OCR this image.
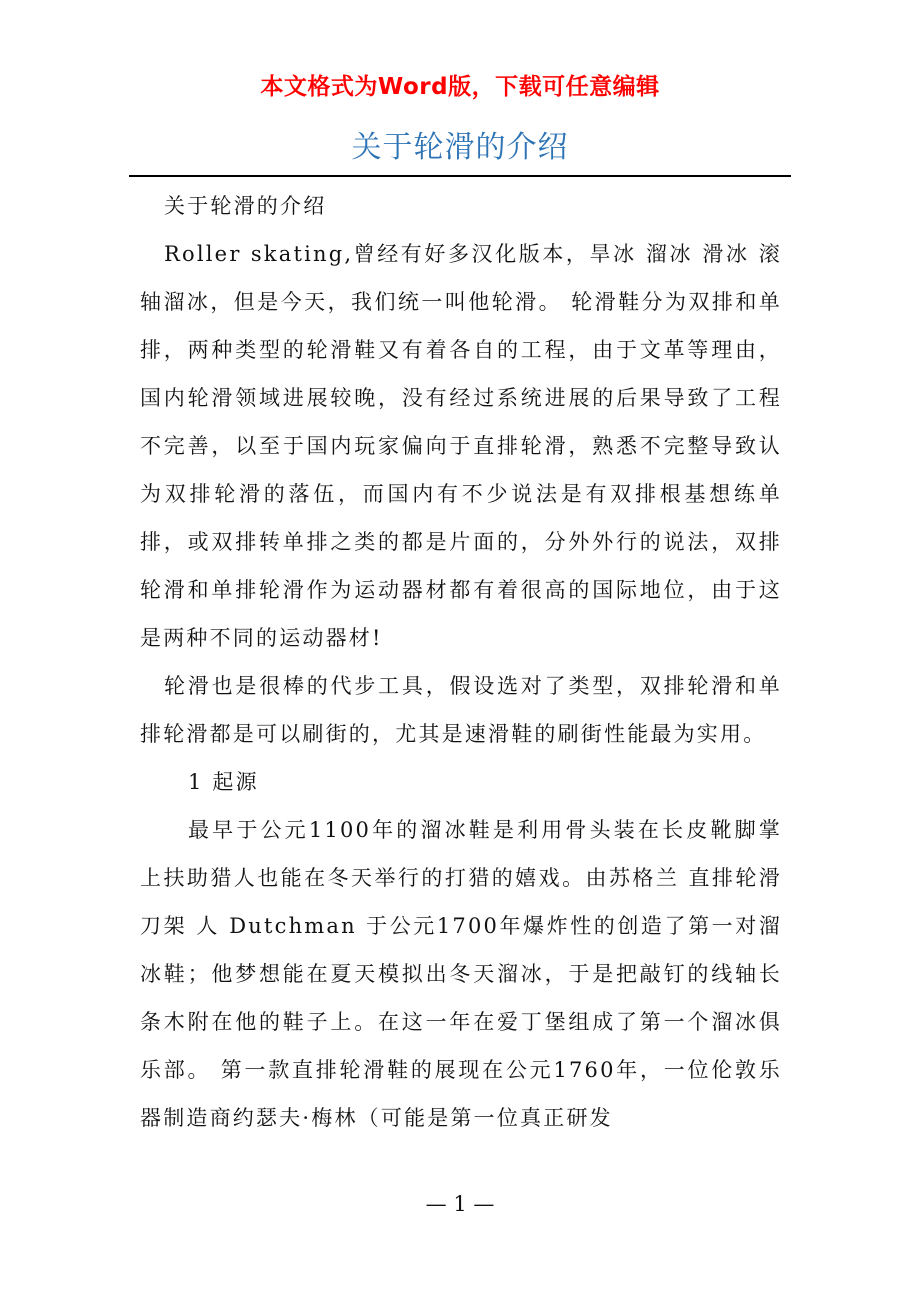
本文格式为Word版，下载可任意编辑
关于轮滑的介绍

关于轮滑的介绍

Roller skating,曾经有好多汉化版本，旱冰 溜冰 滑冰 滚轴溜冰，但是今天，我们统一叫他轮滑。 轮滑鞋分为双排和单排，两种类型的轮滑鞋又有着各自的工程，由于文革等理由，国内轮滑领域进展较晚，没有经过系统进展的后果导致了工程不完善，以至于国内玩家偏向于直排轮滑，熟悉不完整导致认为双排轮滑的落伍，而国内有不少说法是有双排根基想练单排，或双排转单排之类的都是片面的，分外外行的说法，双排轮滑和单排轮滑作为运动器材都有着很高的国际地位，由于这是两种不同的运动器材!

轮滑也是很棒的代步工具，假设选对了类型，双排轮滑和单排轮滑都是可以刷街的，尤其是速滑鞋的刷街性能最为实用。

1 起源

最早于公元1100年的溜冰鞋是利用骨头装在长皮靴脚掌上扶助猎人也能在冬天举行的打猎的嬉戏。由苏格兰 直排轮滑刀架 人 Dutchman 于公元1700年爆炸性的创造了第一对溜冰鞋；他梦想能在夏天模拟出冬天溜冰，于是把敲钉的线轴长条木附在他的鞋子上。在这一年在爱丁堡组成了第一个溜冰俱乐部。 第一款直排轮滑鞋的展现在公元1760年，一位伦敦乐器制造商约瑟夫·梅林（可能是第一位真正研发

— 1 —
